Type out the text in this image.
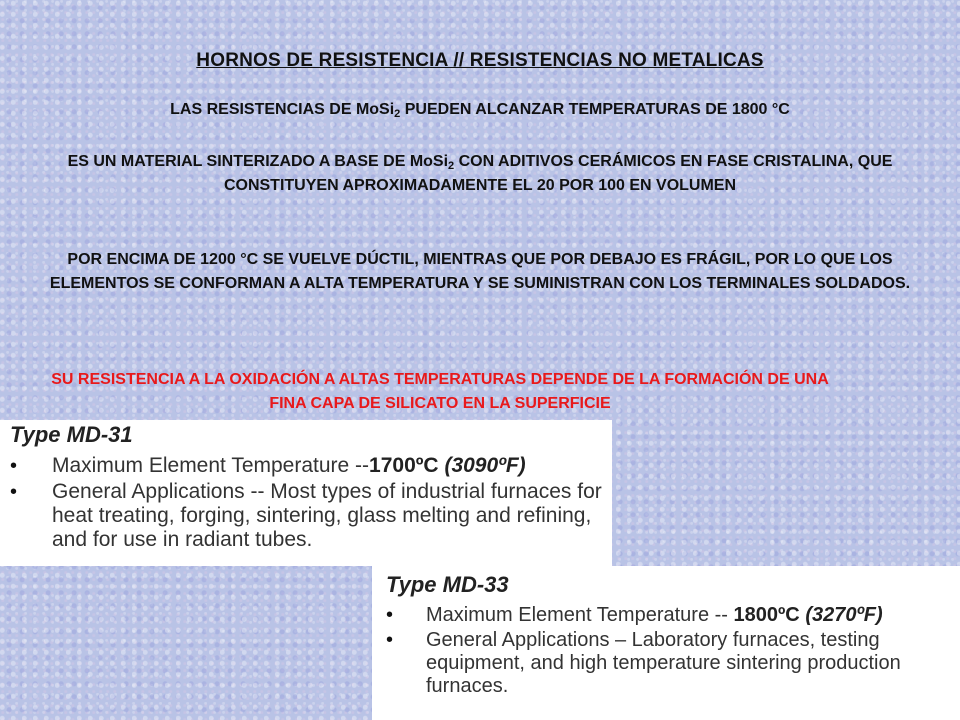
HORNOS DE RESISTENCIA // RESISTENCIAS NO METALICAS
LAS RESISTENCIAS DE MoSi$_2$ PUEDEN ALCANZAR TEMPERATURAS DE 1800 °C
ES UN MATERIAL SINTERIZADO A BASE DE MoSi$_2$ CON ADITIVOS CERÁMICOS EN FASE CRISTALINA, QUE CONSTITUYEN APROXIMADAMENTE EL 20 POR 100 EN VOLUMEN
POR ENCIMA DE 1200 °C SE VUELVE DÚCTIL, MIENTRAS QUE POR DEBAJO ES FRÁGIL, POR LO QUE LOS ELEMENTOS SE CONFORMAN A ALTA TEMPERATURA Y SE SUMINISTRAN CON LOS TERMINALES SOLDADOS.
SU RESISTENCIA A LA OXIDACIÓN A ALTAS TEMPERATURAS DEPENDE DE LA FORMACIÓN DE UNA FINA CAPA DE SILICATO EN LA SUPERFICIE
Type MD-31
• Maximum Element Temperature --1700ºC (3090ºF)
• General Applications -- Most types of industrial furnaces for heat treating, forging, sintering, glass melting and refining, and for use in radiant tubes.
Type MD-33
• Maximum Element Temperature -- 1800ºC (3270ºF)
• General Applications – Laboratory furnaces, testing equipment, and high temperature sintering production furnaces.
